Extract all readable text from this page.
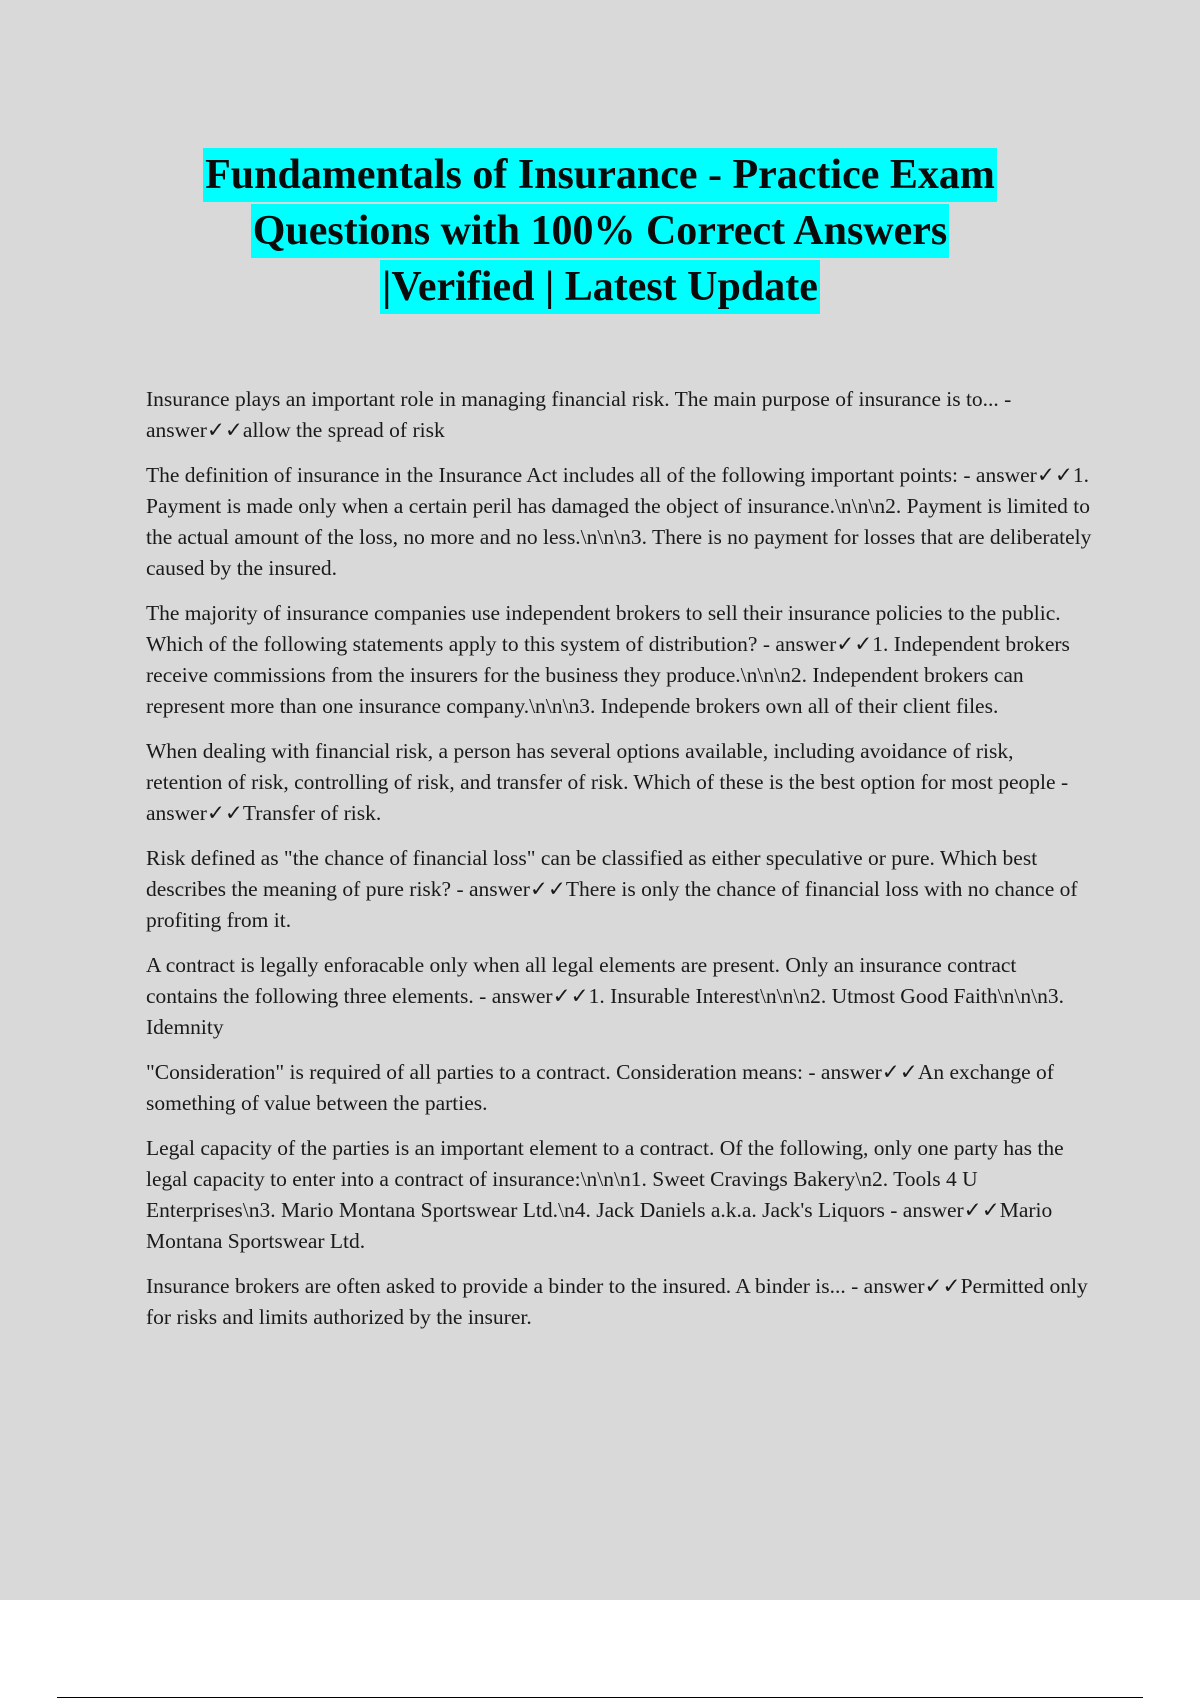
Fundamentals of Insurance - Practice Exam
Questions with 100% Correct Answers
|Verified | Latest Update

Insurance plays an important role in managing financial risk. The main purpose of insurance is to... - answer✓✓allow the spread of risk

The definition of insurance in the Insurance Act includes all of the following important points: - answer✓✓1. Payment is made only when a certain peril has damaged the object of insurance.\n\n\n2. Payment is limited to the actual amount of the loss, no more and no less.\n\n\n3. There is no payment for losses that are deliberately caused by the insured.

The majority of insurance companies use independent brokers to sell their insurance policies to the public. Which of the following statements apply to this system of distribution? - answer✓✓1. Independent brokers receive commissions from the insurers for the business they produce.\n\n\n2. Independent brokers can represent more than one insurance company.\n\n\n3. Independe brokers own all of their client files.

When dealing with financial risk, a person has several options available, including avoidance of risk, retention of risk, controlling of risk, and transfer of risk. Which of these is the best option for most people - answer✓✓Transfer of risk.

Risk defined as "the chance of financial loss" can be classified as either speculative or pure. Which best describes the meaning of pure risk? - answer✓✓There is only the chance of financial loss with no chance of profiting from it.

A contract is legally enforacable only when all legal elements are present. Only an insurance contract contains the following three elements. - answer✓✓1. Insurable Interest\n\n\n2. Utmost Good Faith\n\n\n3. Idemnity

"Consideration" is required of all parties to a contract. Consideration means: - answer✓✓An exchange of something of value between the parties.

Legal capacity of the parties is an important element to a contract. Of the following, only one party has the legal capacity to enter into a contract of insurance:\n\n\n1. Sweet Cravings Bakery\n2. Tools 4 U Enterprises\n3. Mario Montana Sportswear Ltd.\n4. Jack Daniels a.k.a. Jack's Liquors - answer✓✓Mario Montana Sportswear Ltd.

Insurance brokers are often asked to provide a binder to the insured. A binder is... - answer✓✓Permitted only for risks and limits authorized by the insurer.
